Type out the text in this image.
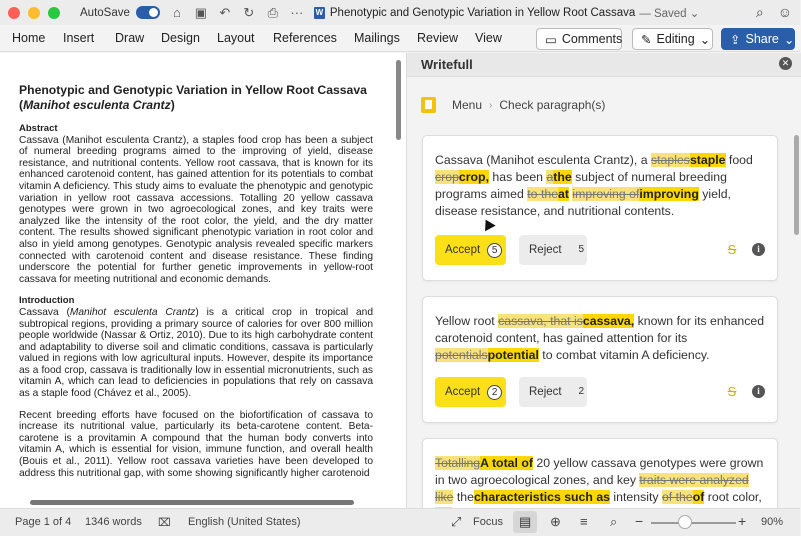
AutoSave	⌂ ▣ ↶ ↻ ⎙ ··· W Phenotypic and Genotypic Variation in Yellow Root Cassava — Saved ⌄	⌕ ☺
Home	Insert	Draw	Design	Layout	References	Mailings	Review	View	▭ Comments ✎ Editing ⌄ ⇪ Share ⌄
Phenotypic and Genotypic Variation in Yellow Root Cassava
(Manihot esculenta Crantz)
Abstract

Cassava (Manihot esculenta Crantz), a staples food crop has been a subject of numeral breeding programs aimed to the improving of yield, disease resistance, and nutritional contents. Yellow root cassava, that is known for its enhanced carotenoid content, has gained attention for its potentials to combat vitamin A deficiency. This study aims to evaluate the phenotypic and genotypic variation in yellow root cassava accessions. Totalling 20 yellow cassava genotypes were grown in two agroecological zones, and key traits were analyzed like the intensity of the root color, the yield, and the dry matter content. The results showed significant phenotypic variation in root color and also in yield among genotypes. Genotypic analysis revealed specific markers connected with carotenoid content and disease resistance. These finding underscore the potential for further genetic improvements in yellow-root cassava for meeting nutritional and economic demands.

Introduction

Cassava (Manihot esculenta Crantz) is a critical crop in tropical and subtropical regions, providing a primary source of calories for over 800 million people worldwide (Nassar & Ortiz, 2010). Due to its high carbohydrate content and adaptability to diverse soil and climatic conditions, cassava is particularly valued in regions with low agricultural inputs. However, despite its importance as a food crop, cassava is traditionally low in essential micronutrients, such as vitamin A, which can lead to deficiencies in populations that rely on cassava as a staple food (Chávez et al., 2005).

Recent breeding efforts have focused on the biofortification of cassava to increase its nutritional value, particularly its beta-carotene content. Beta-carotene is a provitamin A compound that the human body converts into vitamin A, which is essential for vision, immune function, and overall health (Bouis et al., 2011). Yellow root cassava varieties have been developed to address this nutritional gap, with some showing significantly higher carotenoid

Writefull	✕
Menu › Check paragraph(s)
Cassava (Manihot esculenta Crantz), a staplesstaple food cropcrop, has been athe subject of numeral breeding programs aimed to theat improving ofimproving yield, disease resistance, and nutritional contents.
Accept	5	Reject 5	S	i
Yellow root cassava, that iscassava, known for its enhanced carotenoid content, has gained attention for its potentialspotential to combat vitamin A deficiency.
Accept	2	Reject 2	S	i
TotallingA total of 20 yellow cassava genotypes were grown in two agroecological zones, and key traits were analyzed like thecharacteristics such as intensity of theof root color,
Page 1 of 4 1346 words ⌧ English (United States)	⤢ Focus	⊕ ≡ ⌕ −	+ 90%
▤
